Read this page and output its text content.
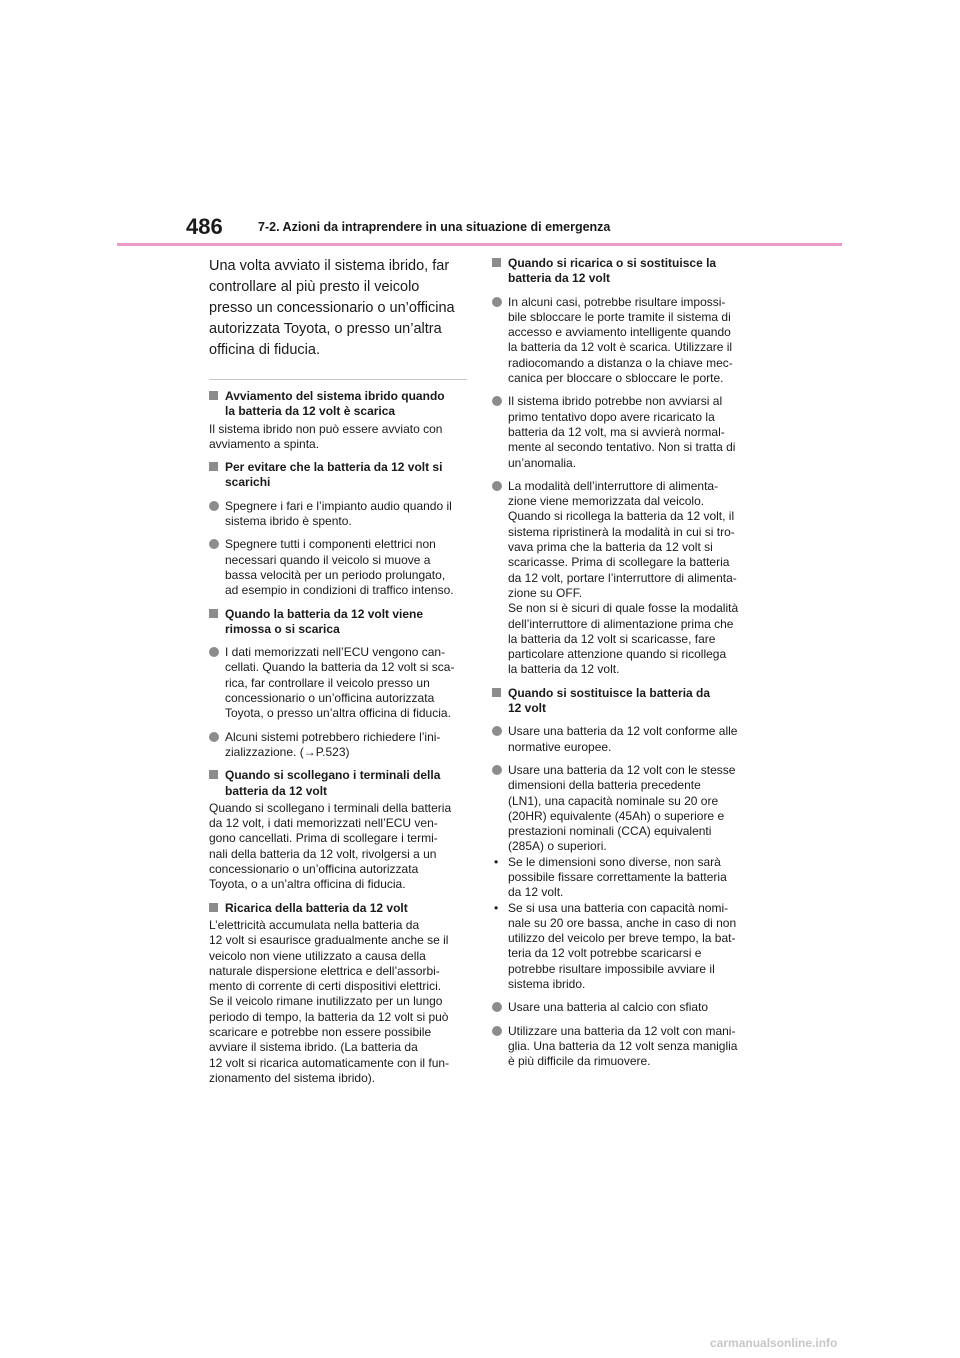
486	7-2. Azioni da intraprendere in una situazione di emergenza

Una volta avviato il sistema ibrido, far
controllare al più presto il veicolo
presso un concessionario o un’officina
autorizzata Toyota, o presso un’altra
officina di fiducia.

Avviamento del sistema ibrido quando
la batteria da 12 volt è scarica

Il sistema ibrido non può essere avviato con
avviamento a spinta.

Per evitare che la batteria da 12 volt si
scarichi
Spegnere i fari e l’impianto audio quando il
sistema ibrido è spento.
Spegnere tutti i componenti elettrici non
necessari quando il veicolo si muove a
bassa velocità per un periodo prolungato,
ad esempio in condizioni di traffico intenso.
Quando la batteria da 12 volt viene
rimossa o si scarica
I dati memorizzati nell’ECU vengono can-
cellati. Quando la batteria da 12 volt si sca-
rica, far controllare il veicolo presso un
concessionario o un’officina autorizzata
Toyota, o presso un’altra officina di fiducia.
Alcuni sistemi potrebbero richiedere l’ini-
zializzazione. (→P.523)
Quando si scollegano i terminali della
batteria da 12 volt

Quando si scollegano i terminali della batteria
da 12 volt, i dati memorizzati nell’ECU ven-
gono cancellati. Prima di scollegare i termi-
nali della batteria da 12 volt, rivolgersi a un
concessionario o un’officina autorizzata
Toyota, o a un’altra officina di fiducia.

Ricarica della batteria da 12 volt

L’elettricità accumulata nella batteria da
12 volt si esaurisce gradualmente anche se il
veicolo non viene utilizzato a causa della
naturale dispersione elettrica e dell’assorbi-
mento di corrente di certi dispositivi elettrici.
Se il veicolo rimane inutilizzato per un lungo
periodo di tempo, la batteria da 12 volt si può
scaricare e potrebbe non essere possibile
avviare il sistema ibrido. (La batteria da
12 volt si ricarica automaticamente con il fun-
zionamento del sistema ibrido).

Quando si ricarica o si sostituisce la
batteria da 12 volt
In alcuni casi, potrebbe risultare impossi-
bile sbloccare le porte tramite il sistema di
accesso e avviamento intelligente quando
la batteria da 12 volt è scarica. Utilizzare il
radiocomando a distanza o la chiave mec-
canica per bloccare o sbloccare le porte.
Il sistema ibrido potrebbe non avviarsi al
primo tentativo dopo avere ricaricato la
batteria da 12 volt, ma si avvierà normal-
mente al secondo tentativo. Non si tratta di
un’anomalia.
La modalità dell’interruttore di alimenta-
zione viene memorizzata dal veicolo.
Quando si ricollega la batteria da 12 volt, il
sistema ripristinerà la modalità in cui si tro-
vava prima che la batteria da 12 volt si
scaricasse. Prima di scollegare la batteria
da 12 volt, portare l’interruttore di alimenta-
zione su OFF.
Se non si è sicuri di quale fosse la modalità
dell’interruttore di alimentazione prima che
la batteria da 12 volt si scaricasse, fare
particolare attenzione quando si ricollega
la batteria da 12 volt.
Quando si sostituisce la batteria da
12 volt
Usare una batteria da 12 volt conforme alle
normative europee.
Usare una batteria da 12 volt con le stesse
dimensioni della batteria precedente
(LN1), una capacità nominale su 20 ore
(20HR) equivalente (45Ah) o superiore e
prestazioni nominali (CCA) equivalenti
(285A) o superiori.
• Se le dimensioni sono diverse, non sarà
possibile fissare correttamente la batteria
da 12 volt.
• Se si usa una batteria con capacità nomi-
nale su 20 ore bassa, anche in caso di non
utilizzo del veicolo per breve tempo, la bat-
teria da 12 volt potrebbe scaricarsi e
potrebbe risultare impossibile avviare il
sistema ibrido.
Usare una batteria al calcio con sfiato
Utilizzare una batteria da 12 volt con mani-
glia. Una batteria da 12 volt senza maniglia
è più difficile da rimuovere.
carmanualsonline.info
